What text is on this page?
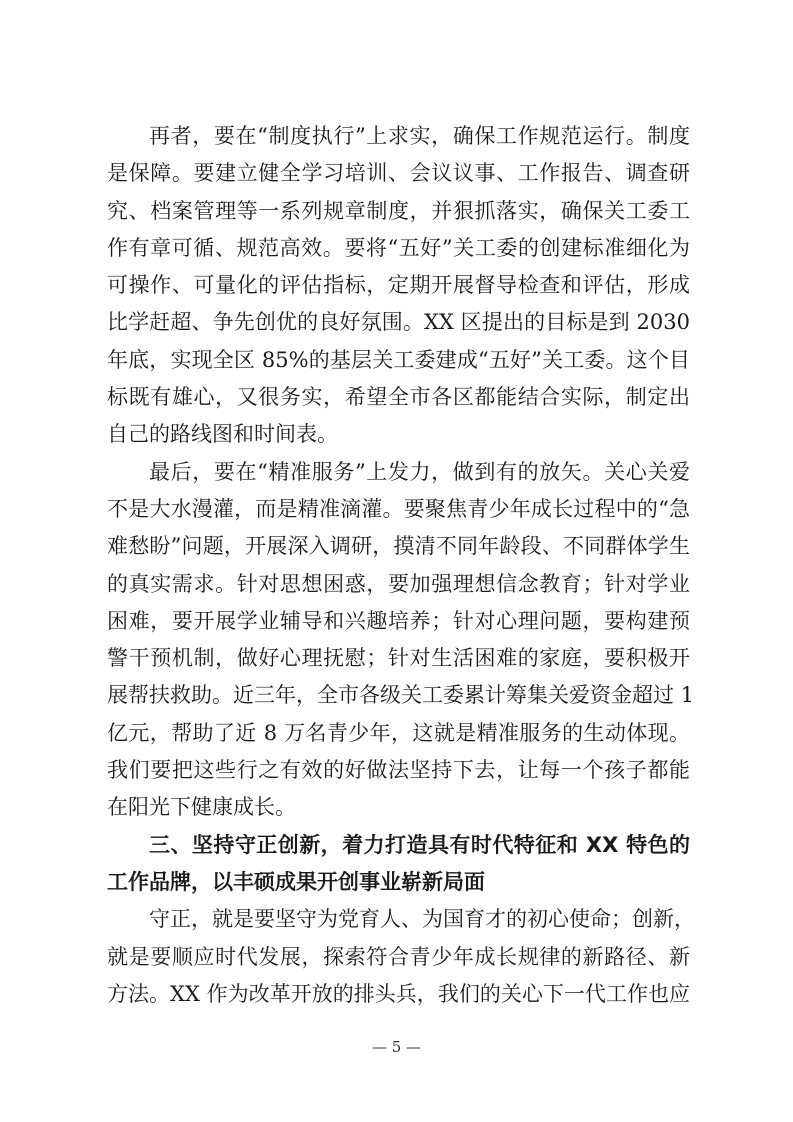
再者，要在“制度执行”上求实，确保工作规范运行。制度
是保障。要建立健全学习培训、会议议事、工作报告、调查研
究、档案管理等一系列规章制度，并狠抓落实，确保关工委工
作有章可循、规范高效。要将“五好”关工委的创建标准细化为
可操作、可量化的评估指标，定期开展督导检查和评估，形成
比学赶超、争先创优的良好氛围。XX 区提出的目标是到 2030
年底，实现全区 85%的基层关工委建成“五好”关工委。这个目
标既有雄心，又很务实，希望全市各区都能结合实际，制定出
自己的路线图和时间表。
最后，要在“精准服务”上发力，做到有的放矢。关心关爱
不是大水漫灌，而是精准滴灌。要聚焦青少年成长过程中的“急
难愁盼”问题，开展深入调研，摸清不同年龄段、不同群体学生
的真实需求。针对思想困惑，要加强理想信念教育；针对学业
困难，要开展学业辅导和兴趣培养；针对心理问题，要构建预
警干预机制，做好心理抚慰；针对生活困难的家庭，要积极开
展帮扶救助。近三年，全市各级关工委累计筹集关爱资金超过 1
亿元，帮助了近 8 万名青少年，这就是精准服务的生动体现。
我们要把这些行之有效的好做法坚持下去，让每一个孩子都能
在阳光下健康成长。
三、坚持守正创新，着力打造具有时代特征和 XX 特色的
工作品牌，以丰硕成果开创事业崭新局面
守正，就是要坚守为党育人、为国育才的初心使命；创新，
就是要顺应时代发展，探索符合青少年成长规律的新路径、新
方法。XX 作为改革开放的排头兵，我们的关心下一代工作也应
— 5 —
